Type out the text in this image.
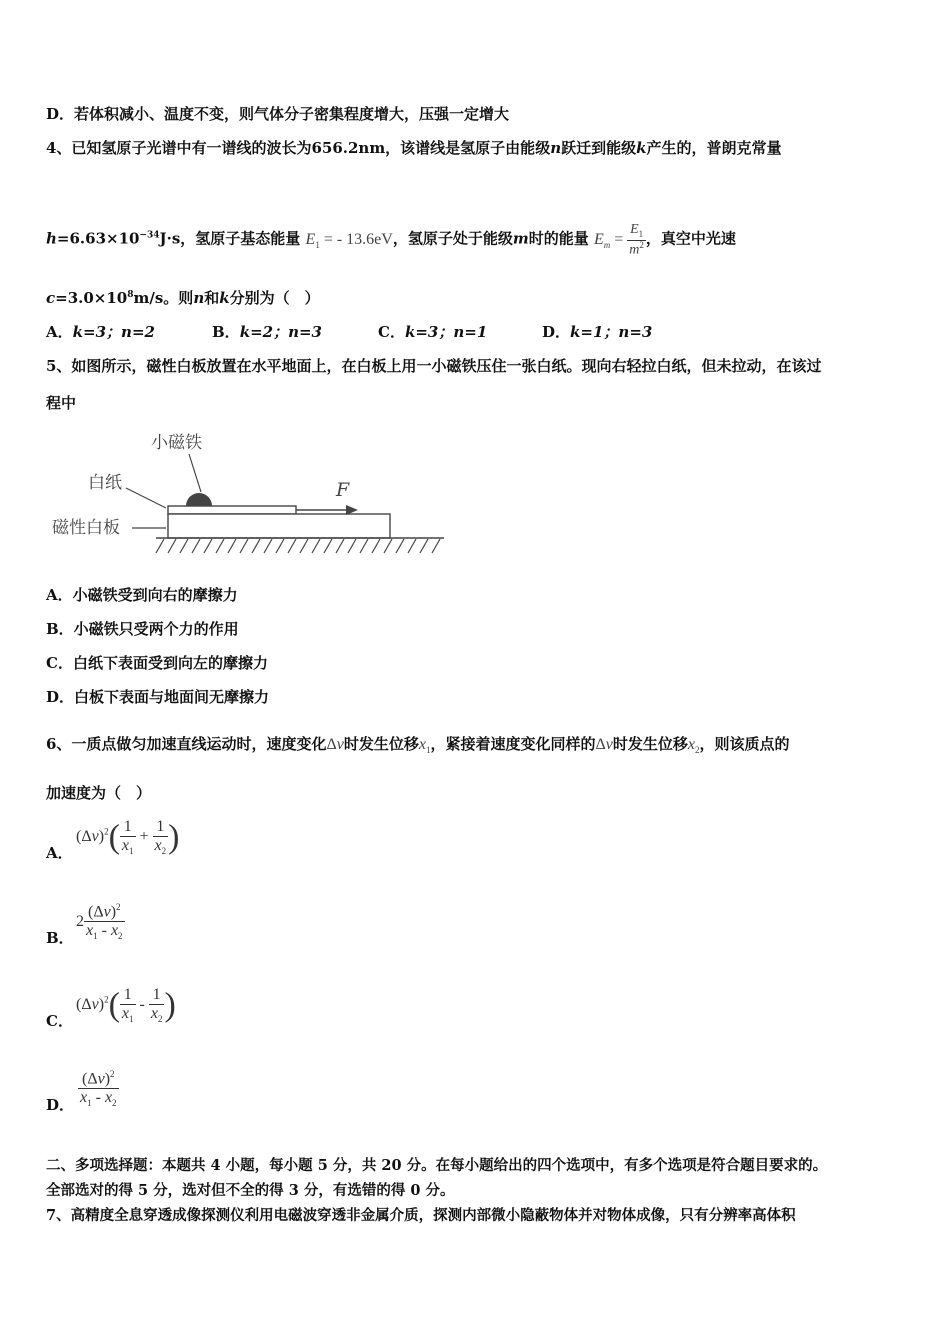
D．若体积减小、温度不变，则气体分子密集程度增大，压强一定增大
4、已知氢原子光谱中有一谱线的波长为656.2nm，该谱线是氢原子由能级n跃迁到能级k产生的，普朗克常量
$h=6.63\times 10^{-34}J\cdot s$，氢原子基态能量 $E_1$ = - 13.6eV，氢原子处于能级m时的能量 $E_m = \frac{E_1}{m^2}$ ，真空中光速
$c=3.0\times 10^8m/s$。则n和k分别为（　）
A．k=3；n=2	B．k=2；n=3	C．k=3；n=1	D．k=1；n=3
5、如图所示，磁性白板放置在水平地面上，在白板上用一小磁铁压住一张白纸。现向右轻拉白纸，但未拉动，在该过
程中
小磁铁
白纸
磁性白板
F
A．小磁铁受到向右的摩擦力
B．小磁铁只受两个力的作用
C．白纸下表面受到向左的摩擦力
D．白板下表面与地面间无摩擦力
6、一质点做匀加速直线运动时，速度变化Δv时发生位移$x_1$，紧接着速度变化同样的Δv时发生位移$x_2$，则该质点的
加速度为（　）
A．
$(\Delta v)^2( \frac{1}{x_1} + \frac{1}{x_2}$ )
B．
$2 \frac{(\Delta v)^2}{x_1 - x_2}$
C．
$(\Delta v)^2( \frac{1}{x_1} - \frac{1}{x_2}$ )
D． $\frac{(\Delta v)^2}{x_1 - x_2}$
二、多项选择题：本题共 4 小题，每小题 5 分，共 20 分。在每小题给出的四个选项中，有多个选项是符合题目要求的。
全部选对的得 5 分，选对但不全的得 3 分，有选错的得 0 分。
7、高精度全息穿透成像探测仪利用电磁波穿透非金属介质，探测内部微小隐蔽物体并对物体成像，只有分辨率高体积
